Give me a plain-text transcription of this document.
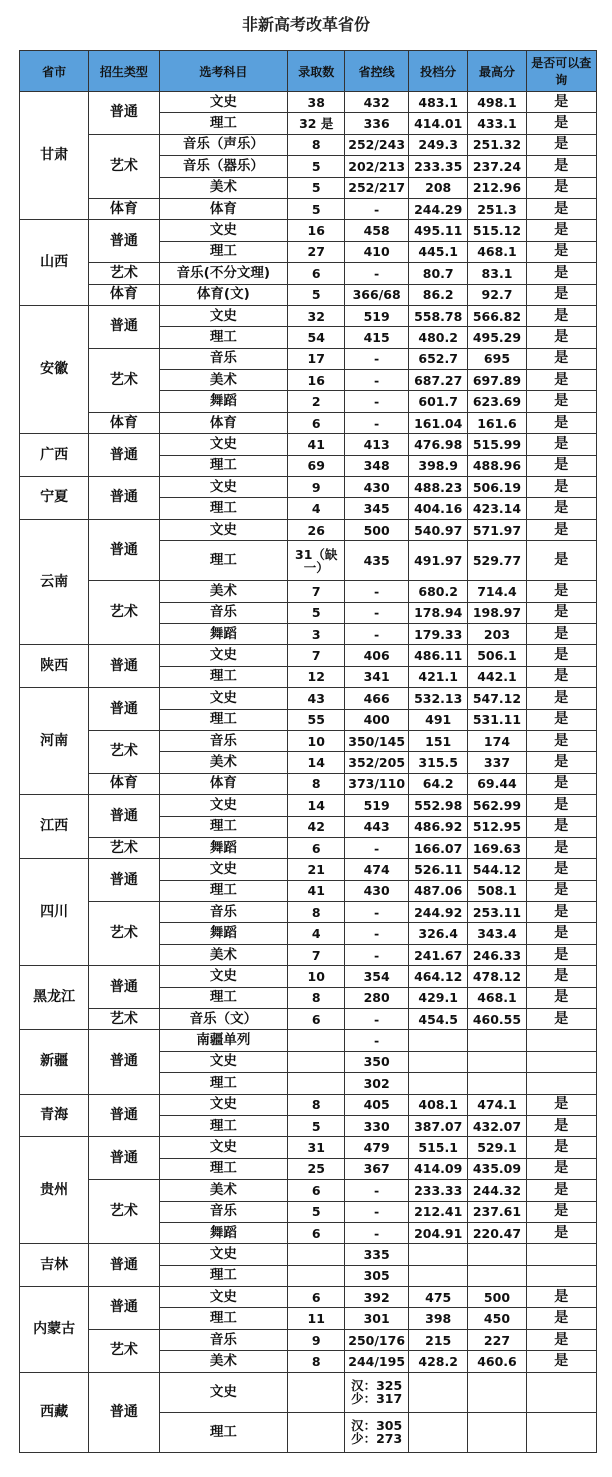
非新高考改革省份
省市	招生类型	选考科目	录取数	省控线	投档分	最高分	是否可以查询
甘肃	普通	文史	38	432	483.1	498.1	是
		理工	32 是	336	414.01	433.1	是
	艺术	音乐（声乐）	8	252/243	249.3	251.32	是
		音乐（器乐）	5	202/213	233.35	237.24	是
		美术	5	252/217	208	212.96	是
	体育	体育	5	-	244.29	251.3	是
山西	普通	文史	16	458	495.11	515.12	是
		理工	27	410	445.1	468.1	是
	艺术	音乐(不分文理)	6	-	80.7	83.1	是
	体育	体育(文)	5	366/68	86.2	92.7	是
安徽	普通	文史	32	519	558.78	566.82	是
		理工	54	415	480.2	495.29	是
	艺术	音乐	17	-	652.7	695	是
		美术	16	-	687.27	697.89	是
		舞蹈	2	-	601.7	623.69	是
	体育	体育	6	-	161.04	161.6	是
广西	普通	文史	41	413	476.98	515.99	是
		理工	69	348	398.9	488.96	是
宁夏	普通	文史	9	430	488.23	506.19	是
		理工	4	345	404.16	423.14	是
云南	普通	文史	26	500	540.97	571.97	是
		理工	31（缺一）	435	491.97	529.77	是
	艺术	美术	7	-	680.2	714.4	是
		音乐	5	-	178.94	198.97	是
		舞蹈	3	-	179.33	203	是
陕西	普通	文史	7	406	486.11	506.1	是
		理工	12	341	421.1	442.1	是
河南	普通	文史	43	466	532.13	547.12	是
		理工	55	400	491	531.11	是
	艺术	音乐	10	350/145	151	174	是
		美术	14	352/205	315.5	337	是
	体育	体育	8	373/110	64.2	69.44	是
江西	普通	文史	14	519	552.98	562.99	是
		理工	42	443	486.92	512.95	是
	艺术	舞蹈	6	-	166.07	169.63	是
四川	普通	文史	21	474	526.11	544.12	是
		理工	41	430	487.06	508.1	是
	艺术	音乐	8	-	244.92	253.11	是
		舞蹈	4	-	326.4	343.4	是
		美术	7	-	241.67	246.33	是
黑龙江	普通	文史	10	354	464.12	478.12	是
		理工	8	280	429.1	468.1	是
	艺术	音乐（文）	6	-	454.5	460.55	是
新疆	普通	南疆单列		-			
		文史		350			
		理工		302			
青海	普通	文史	8	405	408.1	474.1	是
		理工	5	330	387.07	432.07	是
贵州	普通	文史	31	479	515.1	529.1	是
		理工	25	367	414.09	435.09	是
	艺术	美术	6	-	233.33	244.32	是
		音乐	5	-	212.41	237.61	是
		舞蹈	6	-	204.91	220.47	是
吉林	普通	文史		335			
		理工		305			
内蒙古	普通	文史	6	392	475	500	是
		理工	11	301	398	450	是
	艺术	音乐	9	250/176	215	227	是
		美术	8	244/195	428.2	460.6	是
西藏	普通	文史		汉：325 少：317			
		理工		汉：305 少：273			
